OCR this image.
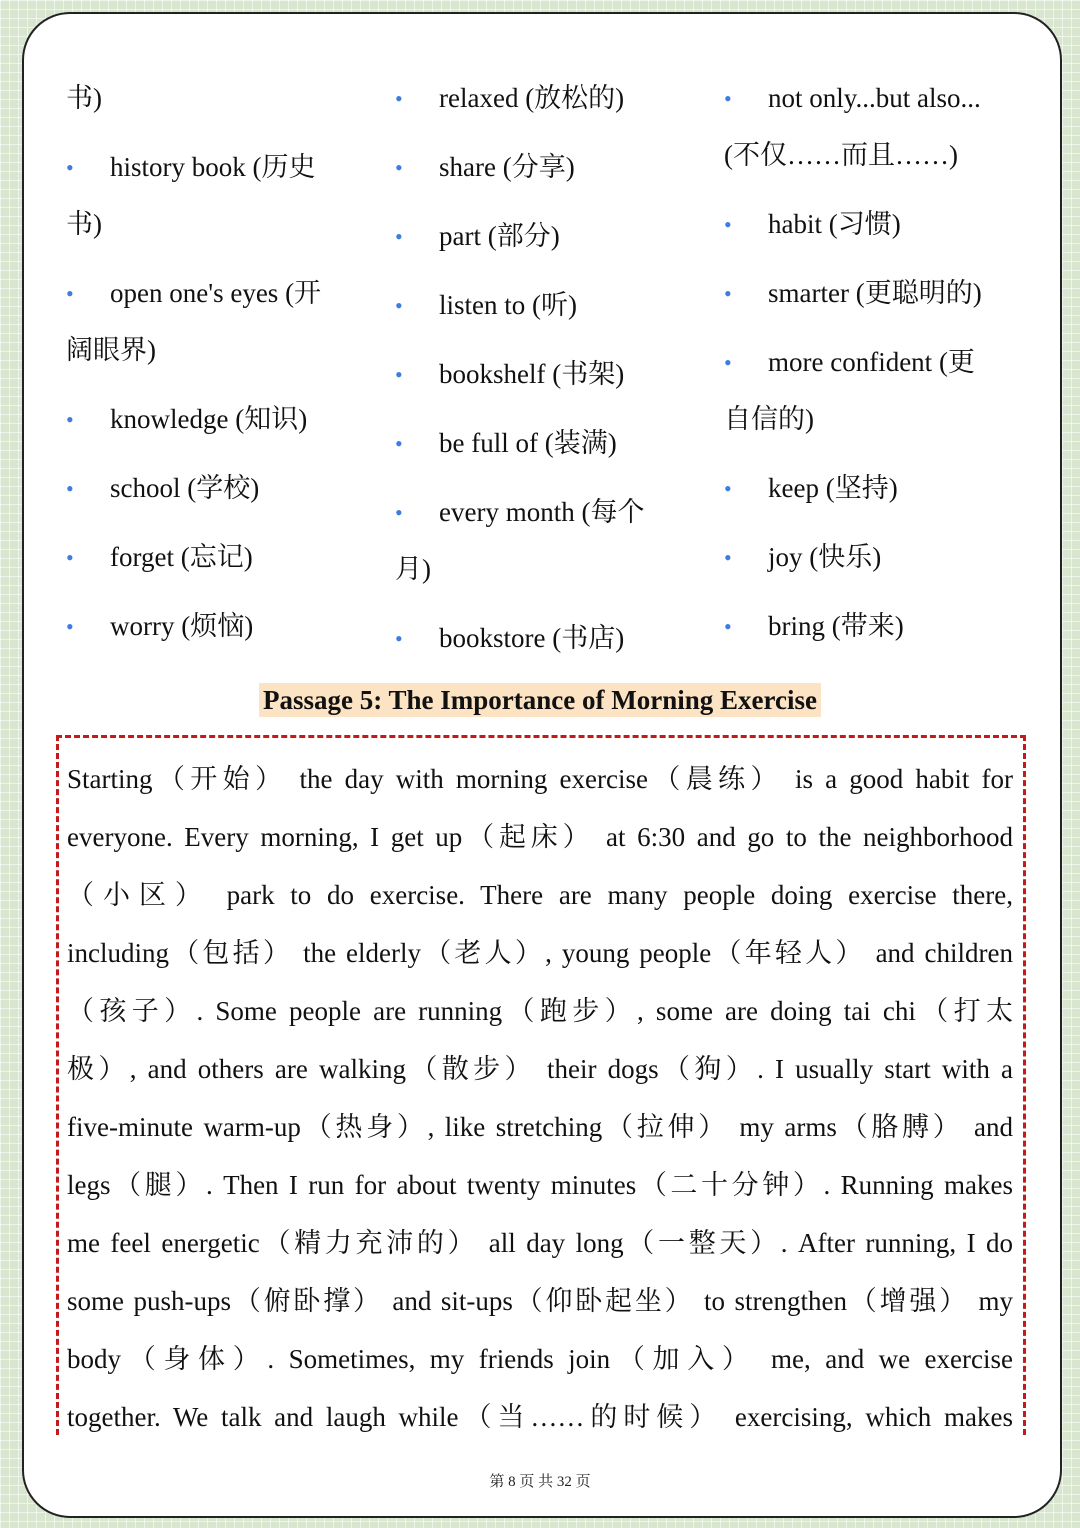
书)
• history book (历史
书)
• open one's eyes (开
阔眼界)
• knowledge (知识)
• school (学校)
• forget (忘记)
• worry (烦恼)
• relaxed (放松的)
• share (分享)
• part (部分)
• listen to (听)
• bookshelf (书架)
• be full of (装满)
• every month (每个
月)
• bookstore (书店)
• not only...but also...
(不仅……而且……)
• habit (习惯)
• smarter (更聪明的)
• more confident (更
自信的)
• keep (坚持)
• joy (快乐)
• bring (带来)
Passage 5: The Importance of Morning Exercise
Starting（开始） the day with morning exercise（晨练） is a good habit for
everyone. Every morning, I get up（起床） at 6:30 and go to the neighborhood
（小区） park to do exercise. There are many people doing exercise there,
including（包括） the elderly（老人）, young people（年轻人） and children
（孩子）. Some people are running（跑步）, some are doing tai chi（打太
极）, and others are walking（散步） their dogs（狗）. I usually start with a
five-minute warm-up（热身）, like stretching（拉伸） my arms（胳膊） and
legs（腿）. Then I run for about twenty minutes（二十分钟）. Running makes
me feel energetic（精力充沛的） all day long（一整天）. After running, I do
some push-ups（俯卧撑） and sit-ups（仰卧起坐） to strengthen（增强） my
body（身体）. Sometimes, my friends join（加入） me, and we exercise
together. We talk and laugh while（当……的时候） exercising, which makes
第 8 页 共 32 页
